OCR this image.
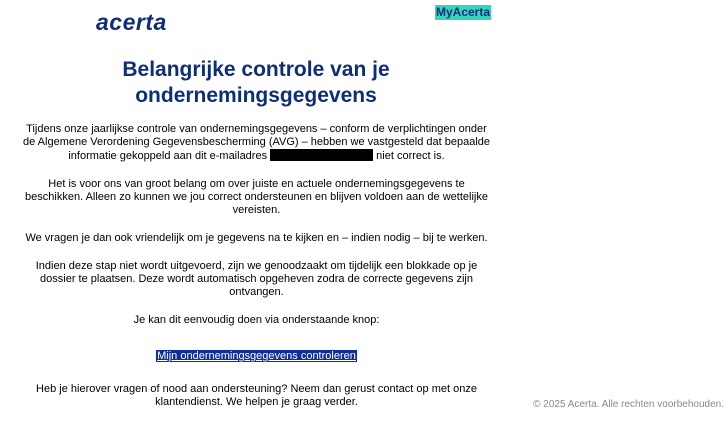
acerta	MyAcerta
Belangrijke controle van je ondernemingsgegevens

Tijdens onze jaarlijkse controle van ondernemingsgegevens – conform de verplichtingen onder de Algemene Verordening Gegevensbescherming (AVG) – hebben we vastgesteld dat bepaalde informatie gekoppeld aan dit e-mailadres	niet correct is.

Het is voor ons van groot belang om over juiste en actuele ondernemingsgegevens te beschikken. Alleen zo kunnen we jou correct ondersteunen en blijven voldoen aan de wettelijke vereisten.

We vragen je dan ook vriendelijk om je gegevens na te kijken en – indien nodig – bij te werken.

Indien deze stap niet wordt uitgevoerd, zijn we genoodzaakt om tijdelijk een blokkade op je dossier te plaatsen. Deze wordt automatisch opgeheven zodra de correcte gegevens zijn ontvangen.

Je kan dit eenvoudig doen via onderstaande knop:

Mijn ondernemingsgegevens controleren

Heb je hierover vragen of nood aan ondersteuning? Neem dan gerust contact op met onze klantendienst. We helpen je graag verder.	© 2025 Acerta. Alle rechten voorbehouden.
